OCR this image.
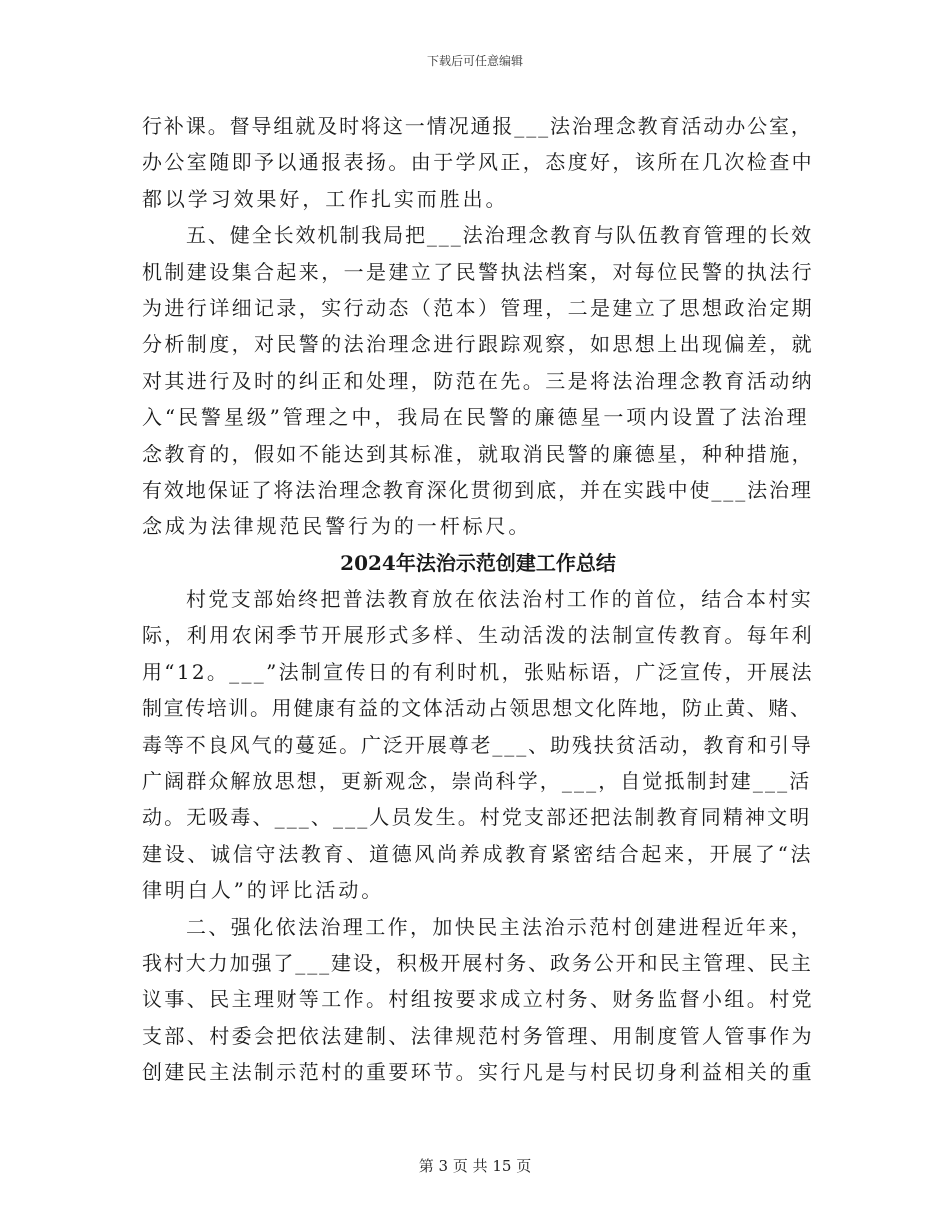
下载后可任意编辑
行补课。督导组就及时将这一情况通报___法治理念教育活动办公室，
办公室随即予以通报表扬。由于学风正，态度好，该所在几次检查中
都以学习效果好，工作扎实而胜出。
五、健全长效机制我局把___法治理念教育与队伍教育管理的长效
机制建设集合起来，一是建立了民警执法档案，对每位民警的执法行
为进行详细记录，实行动态（范本）管理，二是建立了思想政治定期
分析制度，对民警的法治理念进行跟踪观察，如思想上出现偏差，就
对其进行及时的纠正和处理，防范在先。三是将法治理念教育活动纳
入“民警星级”管理之中，我局在民警的廉德星一项内设置了法治理
念教育的，假如不能达到其标准，就取消民警的廉德星，种种措施，
有效地保证了将法治理念教育深化贯彻到底，并在实践中使___法治理
念成为法律规范民警行为的一杆标尺。
2024年法治示范创建工作总结
村党支部始终把普法教育放在依法治村工作的首位，结合本村实
际，利用农闲季节开展形式多样、生动活泼的法制宣传教育。每年利
用“12。___”法制宣传日的有利时机，张贴标语，广泛宣传，开展法
制宣传培训。用健康有益的文体活动占领思想文化阵地，防止黄、赌、
毒等不良风气的蔓延。广泛开展尊老___、助残扶贫活动，教育和引导
广阔群众解放思想，更新观念，崇尚科学，___，自觉抵制封建___活
动。无吸毒、___、___人员发生。村党支部还把法制教育同精神文明
建设、诚信守法教育、道德风尚养成教育紧密结合起来，开展了“法
律明白人”的评比活动。
二、强化依法治理工作，加快民主法治示范村创建进程近年来，
我村大力加强了___建设，积极开展村务、政务公开和民主管理、民主
议事、民主理财等工作。村组按要求成立村务、财务监督小组。村党
支部、村委会把依法建制、法律规范村务管理、用制度管人管事作为
创建民主法制示范村的重要环节。实行凡是与村民切身利益相关的重
第 3 页 共 15 页
